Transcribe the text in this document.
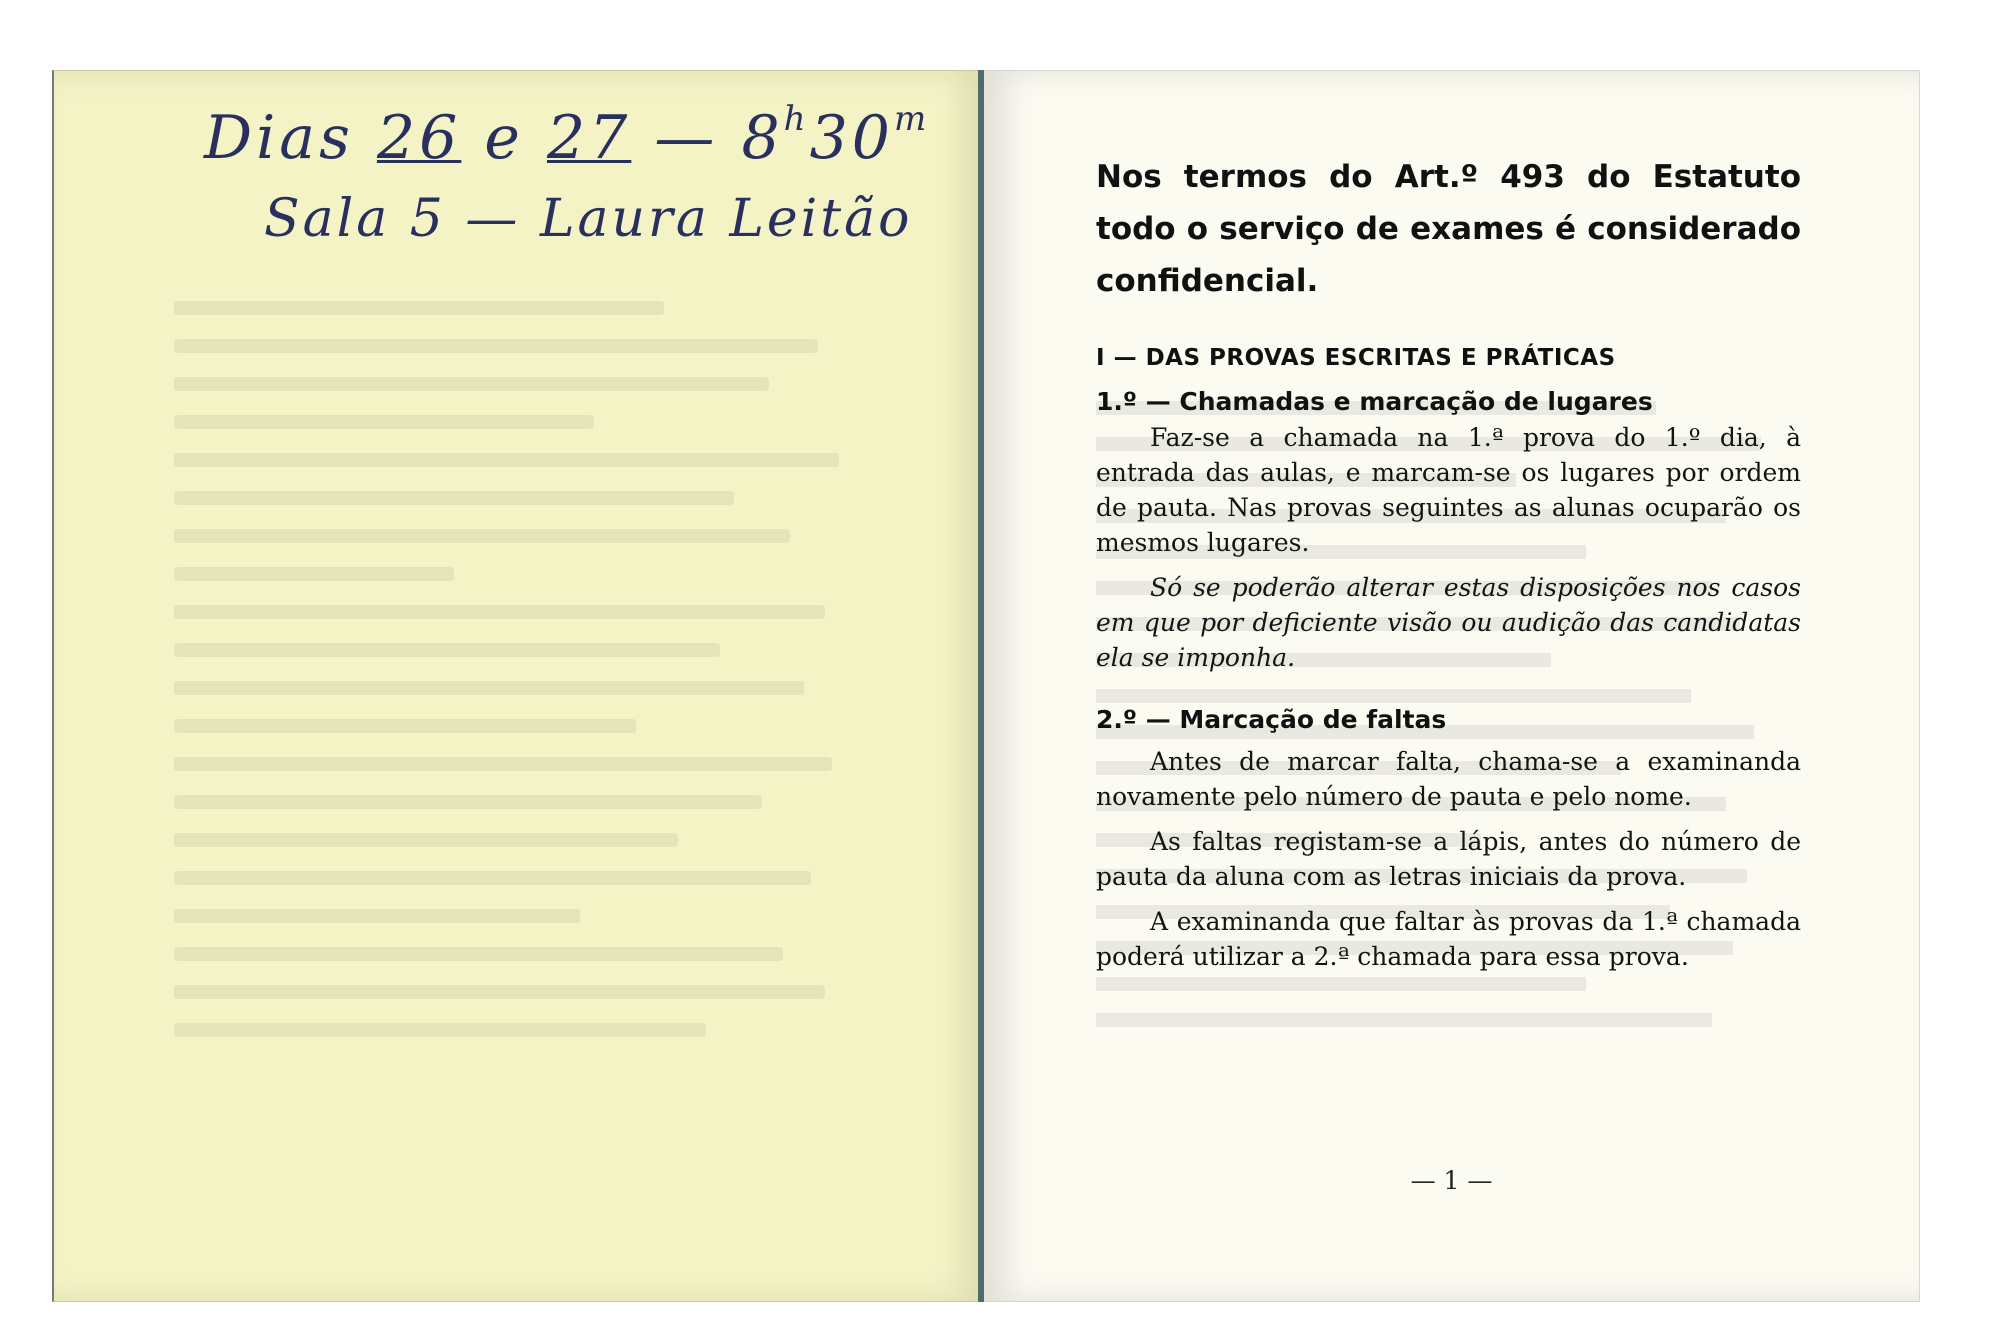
Dias 26 e 27 — 8$^h$30$^m$
Sala 5 — Laura Leitão

Nos termos do Art.º 493 do Estatuto todo o serviço de exames é considerado confidencial.

I — DAS PROVAS ESCRITAS E PRÁTICAS
1.º — Chamadas e marcação de lugares

Faz-se a chamada na 1.ª prova do 1.º dia, à entrada das aulas, e marcam-se os lugares por ordem de pauta. Nas provas seguintes as alunas ocuparão os mesmos lugares.

Só se poderão alterar estas disposições nos casos em que por deficiente visão ou audição das candidatas ela se imponha.

2.º — Marcação de faltas

Antes de marcar falta, chama-se a examinanda novamente pelo número de pauta e pelo nome.

As faltas registam-se a lápis, antes do número de pauta da aluna com as letras iniciais da prova.

A examinanda que faltar às provas da 1.ª chamada poderá utilizar a 2.ª chamada para essa prova.

— 1 —
